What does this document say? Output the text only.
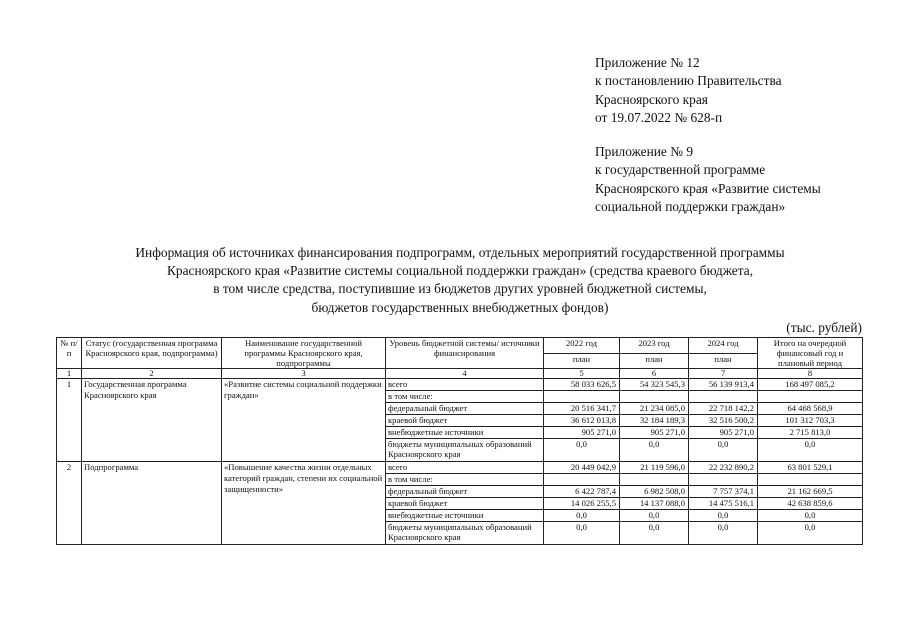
Приложение № 12
к постановлению Правительства
Красноярского края
от 19.07.2022 № 628-п
Приложение № 9
к государственной программе
Красноярского края «Развитие системы
социальной поддержки граждан»
Информация об источниках финансирования подпрограмм, отдельных мероприятий государственной программы
Красноярского края «Развитие системы социальной поддержки граждан» (средства краевого бюджета,
в том числе средства, поступившие из бюджетов других уровней бюджетной системы,
бюджетов государственных внебюджетных фондов)
(тыс. рублей)
№ п/п	Статус (государственная программа Красноярского края, подпрограмма)	Наименование государственной программы Красноярского края, подпрограммы	Уровень бюджетной системы/ источники финансирования	2022 год	2023 год	2024 год	Итого на очередной финансовый год и плановый период
				план	план	план	
1	2	3	4	5	6	7	8
1	Государственная программа Красноярского края	«Развитие системы социальной поддержки граждан»	всего	58 033 626,5	54 323 545,3	56 139 913,4	168 497 085,2
			в том числе:				
			федеральный бюджет	20 516 341,7	21 234 085,0	22 718 142,2	64 468 568,9
			краевой бюджет	36 612 013,8	32 184 189,3	32 516 500,2	101 312 703,3
			внебюджетные источники	905 271,0	905 271,0	905 271,0	2 715 813,0
			бюджеты муниципальных образований Красноярского края	0,0	0,0	0,0	0,0
2	Подпрограмма	«Повышение качества жизни отдельных категорий граждан, степени их социальной защищенности»	всего	20 449 042,9	21 119 596,0	22 232 890,2	63 801 529,1
			в том числе:				
			федеральный бюджет	6 422 787,4	6 982 508,0	7 757 374,1	21 162 669,5
			краевой бюджет	14 026 255,5	14 137 088,0	14 475 516,1	42 638 859,6
			внебюджетные источники	0,0	0,0	0,0	0,0
			бюджеты муниципальных образований Красноярского края	0,0	0,0	0,0	0,0
